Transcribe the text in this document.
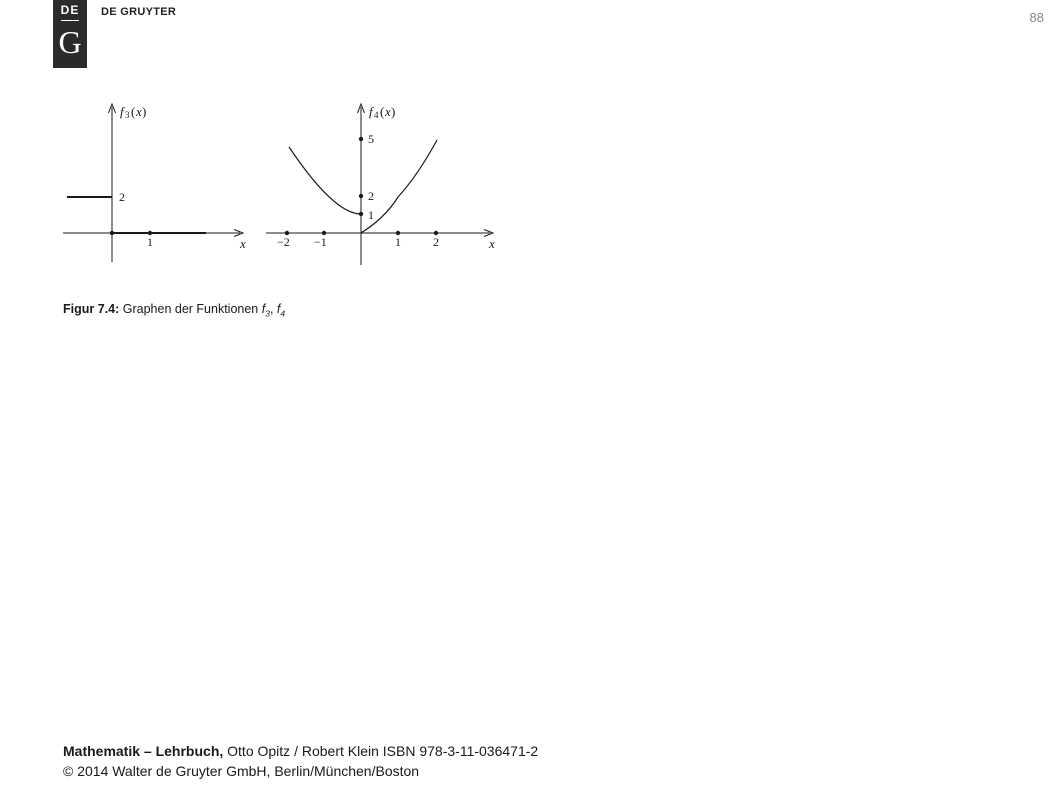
DE
G
DE GRUYTER	88
f 3 ( x )
x
1
2
f 4 ( x )
x
−2 −1	1	2
5
2
1
Figur 7.4: Graphen der Funktionen $f_3$, $f_4$
Mathematik – Lehrbuch, Otto Opitz / Robert Klein ISBN 978-3-11-036471-2
© 2014 Walter de Gruyter GmbH, Berlin/München/Boston
